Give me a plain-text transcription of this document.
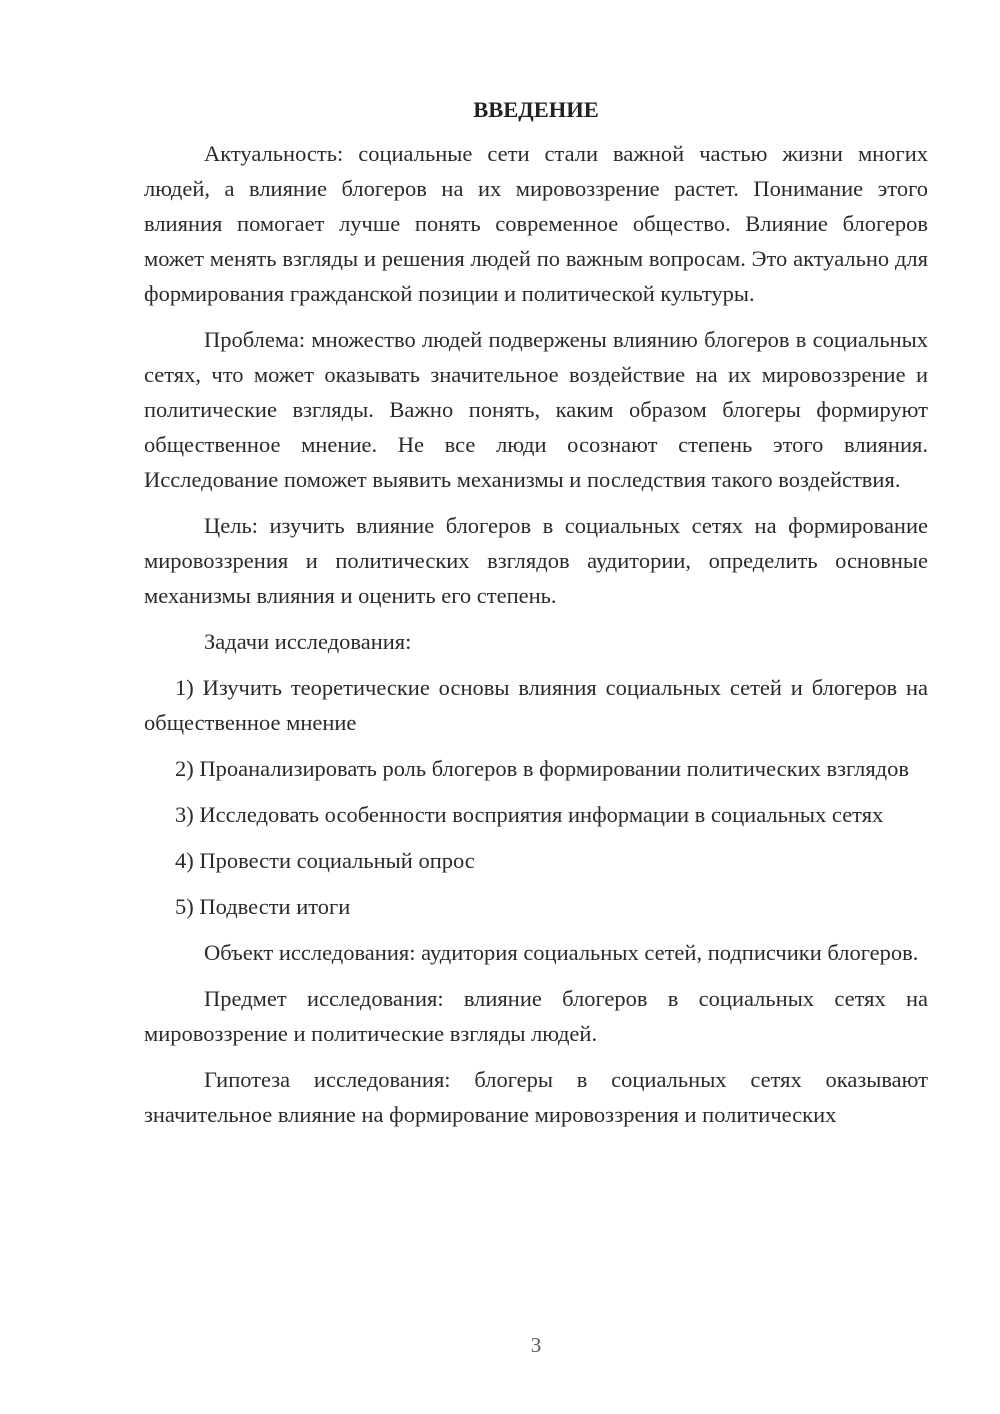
ВВЕДЕНИЕ

Актуальность: социальные сети стали важной частью жизни многих людей, а влияние блогеров на их мировоззрение растет. Понимание этого влияния помогает лучше понять современное общество. Влияние блогеров может менять взгляды и решения людей по важным вопросам. Это актуально для формирования гражданской позиции и политической культуры.

Проблема: множество людей подвержены влиянию блогеров в социальных сетях, что может оказывать значительное воздействие на их мировоззрение и политические взгляды. Важно понять, каким образом блогеры формируют общественное мнение. Не все люди осознают степень этого влияния. Исследование поможет выявить механизмы и последствия такого воздействия.

Цель: изучить влияние блогеров в социальных сетях на формирование мировоззрения и политических взглядов аудитории, определить основные механизмы влияния и оценить его степень.

Задачи исследования:

1) Изучить теоретические основы влияния социальных сетей и блогеров на общественное мнение

2) Проанализировать роль блогеров в формировании политических взглядов

3) Исследовать особенности восприятия информации в социальных сетях

4) Провести социальный опрос

5) Подвести итоги

Объект исследования: аудитория социальных сетей, подписчики блогеров.

Предмет исследования: влияние блогеров в социальных сетях на мировоззрение и политические взгляды людей.

Гипотеза исследования: блогеры в социальных сетях оказывают значительное влияние на формирование мировоззрения и политических

3
